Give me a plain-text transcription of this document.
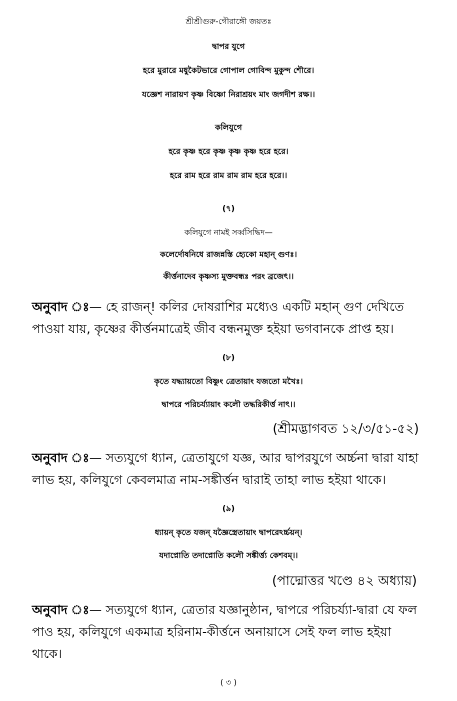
শ্রীশ্রীগুরু-গৌরাঙ্গৌ জয়তঃ
দ্বাপর যুগে
হরে মুরারে মধুকৈটভারে গোপাল গোবিন্দ মুকুন্দ শৌরে।
যজ্ঞেশ নারায়ণ কৃষ্ণ বিষ্ণো নিরাশ্রয়ং মাং জগদীশ রক্ষ।।
কলিযুগে
হরে কৃষ্ণ হরে কৃষ্ণ কৃষ্ণ কৃষ্ণ হরে হরে।
হরে রাম হরে রাম রাম রাম হরে হরে।।
(৭)
কলিযুগে নামই সর্ব্বসিদ্ধিদ—
কলের্দোষনিধে রাজন্নস্তি হ্যেকো মহান্ গুণঃ।
কীর্ত্তনাদেব কৃষ্ণস্য মুক্তবন্ধঃ পরং ব্রজেৎ।।
অনুবাদ ঃ— হে রাজন্! কলির দোষরাশির মধ্যেও একটি মহান্ গুণ দেখিতে
পাওয়া যায়, কৃষ্ণের কীর্ত্তনমাত্রেই জীব বন্ধনমুক্ত হইয়া ভগবানকে প্রাপ্ত হয়।
(৮)
কৃতে যদ্ধ্যায়তো বিষ্ণুং ত্রেতায়াং যজতো মখৈঃ।
দ্বাপরে পরিচর্য্যায়াং কলৌ তদ্ধরিকীর্ত্ত নাৎ।।
(শ্রীমদ্ভাগবত ১২/৩/৫১-৫২)
অনুবাদ ঃ— সত্যযুগে ধ্যান, ত্রেতাযুগে যজ্ঞ, আর দ্বাপরযুগে অর্চ্চনা দ্বারা যাহা
লাভ হয়, কলিযুগে কেবলমাত্র নাম-সঙ্কীর্ত্তন দ্বারাই তাহা লাভ হইয়া থাকে।
(৯)
ধ্যায়ন্ কৃতে যজন্ যজ্ঞৈস্ত্রেতায়াং দ্বাপরেঽর্চ্চয়ন্।
যদাপ্নোতি তদাপ্নোতি কলৌ সঙ্কীর্ত্ত্য কেশবম্।।
(পাদ্মোত্তর খণ্ডে ৪২ অধ্যায়)
অনুবাদ ঃ— সত্যযুগে ধ্যান, ত্রেতার যজ্ঞানুষ্ঠান, দ্বাপরে পরিচর্য্যা-দ্বারা যে ফল
পাও হয়, কলিযুগে একমাত্র হরিনাম-কীর্ত্তনে অনায়াসে সেই ফল লাভ হইয়া
থাকে।
( ৩ )
